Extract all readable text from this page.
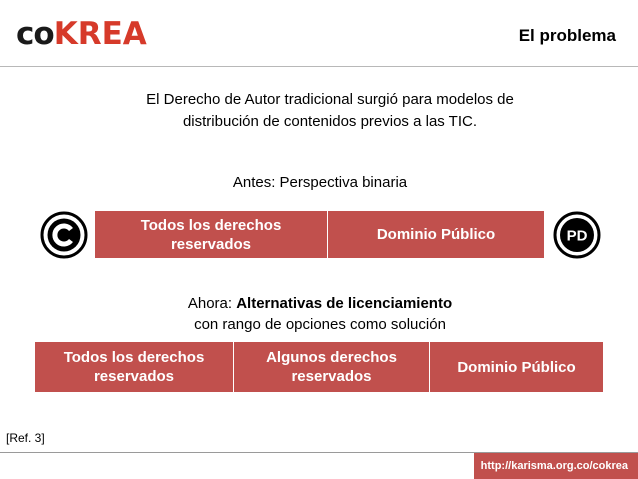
co KREA	El problema
El Derecho de Autor tradicional surgió para modelos de
distribución de contenidos previos a las TIC.
Antes: Perspectiva binaria
Todos los derechos
reservados
Dominio Público	PD
Ahora: Alternativas de licenciamiento
con rango de opciones como solución
Todos los derechos
reservados
Algunos derechos
reservados
Dominio Público
[Ref. 3]
http://karisma.org.co/cokrea
